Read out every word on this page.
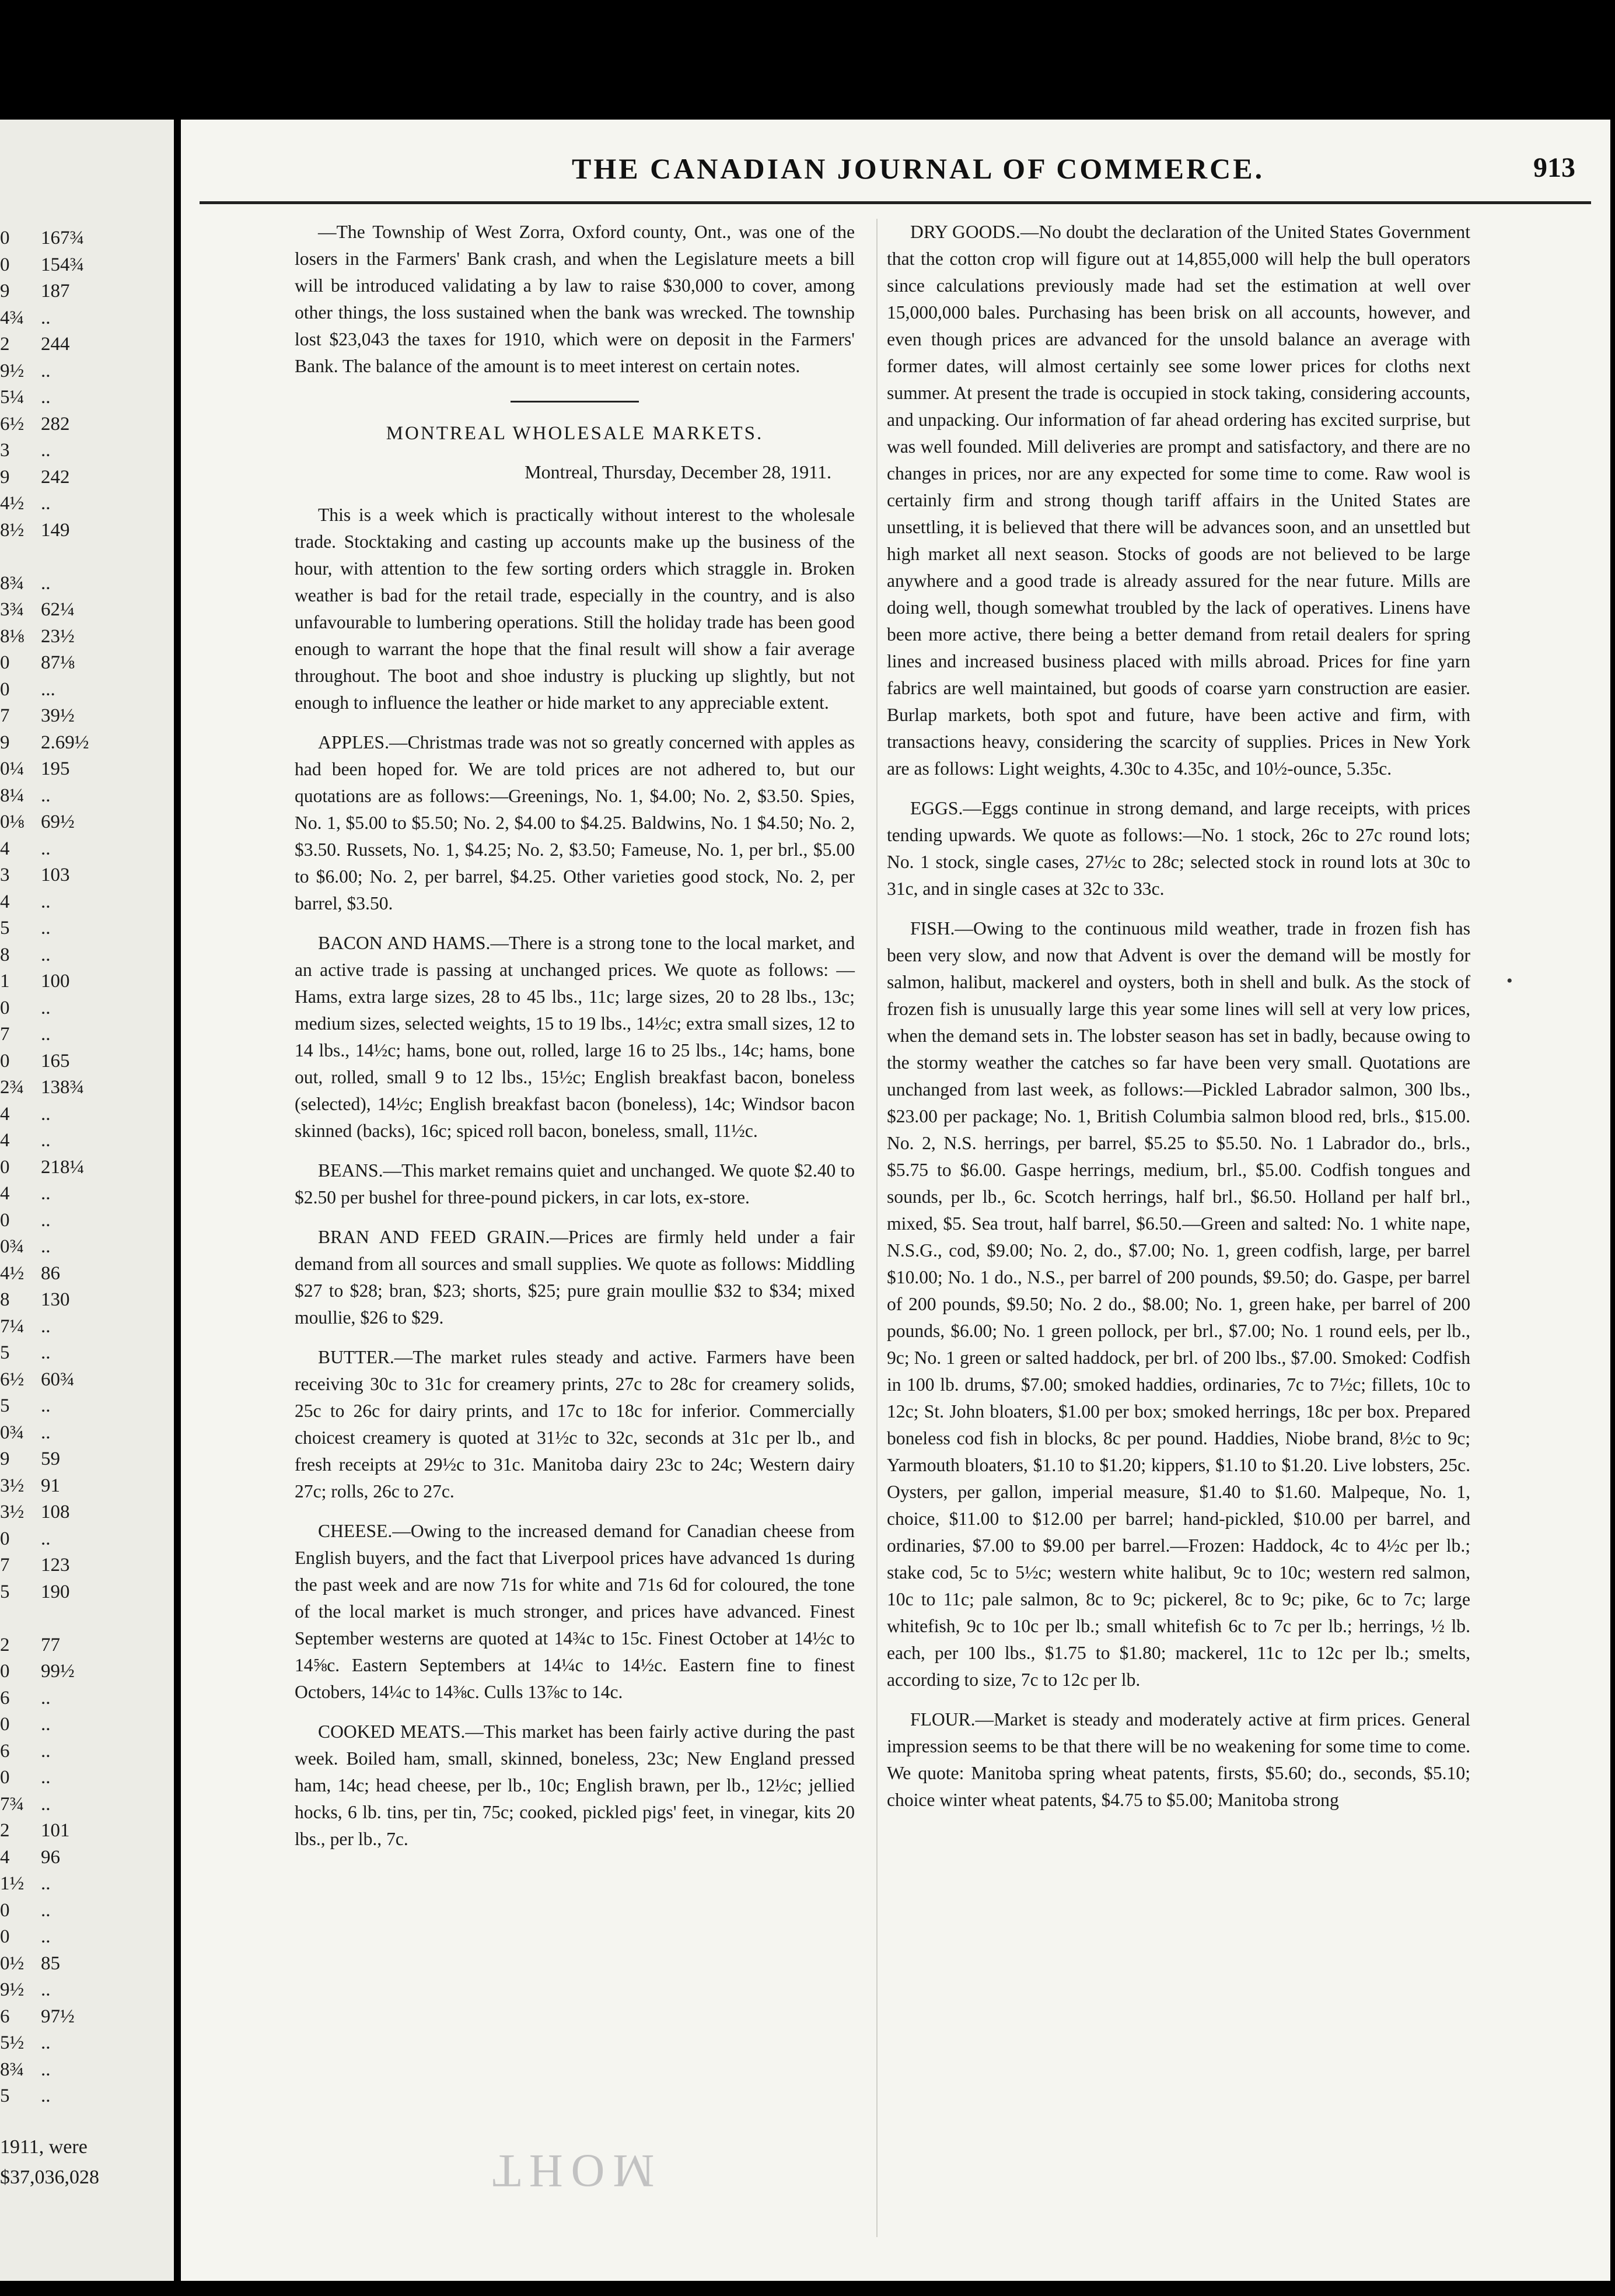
0	167¾
0	154¾
9	187
4¾ ..
2	244
9½ ..
5¼ ..
6½ 282
3	..
9	242
4½ ..
8½ 149
8¾ ..
3¾ 62¼
8⅛ 23½
0	87⅛
0	...
7	39½
9	2.69½
0¼ 195
8¼ ..
0⅛ 69½
4	..
3	103
4	..
5	..
8	..
1	100
0	..
7	..
0	165
2¾ 138¾
4	..
4	..
0	218¼
4	..
0	..
0¾ ..
4½ 86
8	130
7¼ ..
5	..
6½ 60¾
5	..
0¾ ..
9	59
3½ 91
3½ 108
0	..
7	123
5	190
2	77
0	99½
6	..
0	..
6	..
0	..
7¾ ..
2	101
4	96
1½ ..
0	..
0	..
0½ 85
9½ ..
6	97½
5½ ..
8¾ ..
5	..
1911, were
$37,036,028
THE CANADIAN JOURNAL OF COMMERCE.	913

—The Township of West Zorra, Oxford county, Ont., was one of the losers in the Farmers' Bank crash, and when the Legislature meets a bill will be introduced validating a by law to raise $30,000 to cover, among other things, the loss sustained when the bank was wrecked. The township lost $23,043 the taxes for 1910, which were on deposit in the Farmers' Bank. The balance of the amount is to meet interest on certain notes.

MONTREAL WHOLESALE MARKETS.
Montreal, Thursday, December 28, 1911.

This is a week which is practically without interest to the wholesale trade. Stocktaking and casting up accounts make up the business of the hour, with attention to the few sorting orders which straggle in. Broken weather is bad for the retail trade, especially in the country, and is also unfavourable to lumbering operations. Still the holiday trade has been good enough to warrant the hope that the final result will show a fair average throughout. The boot and shoe industry is plucking up slightly, but not enough to influence the leather or hide market to any appreciable extent.

APPLES.—Christmas trade was not so greatly concerned with apples as had been hoped for. We are told prices are not adhered to, but our quotations are as follows:—Greenings, No. 1, $4.00; No. 2, $3.50. Spies, No. 1, $5.00 to $5.50; No. 2, $4.00 to $4.25. Baldwins, No. 1 $4.50; No. 2, $3.50. Russets, No. 1, $4.25; No. 2, $3.50; Fameuse, No. 1, per brl., $5.00 to $6.00; No. 2, per barrel, $4.25. Other varieties good stock, No. 2, per barrel, $3.50.

BACON AND HAMS.—There is a strong tone to the local market, and an active trade is passing at unchanged prices. We quote as follows: — Hams, extra large sizes, 28 to 45 lbs., 11c; large sizes, 20 to 28 lbs., 13c; medium sizes, selected weights, 15 to 19 lbs., 14½c; extra small sizes, 12 to 14 lbs., 14½c; hams, bone out, rolled, large 16 to 25 lbs., 14c; hams, bone out, rolled, small 9 to 12 lbs., 15½c; English breakfast bacon, boneless (selected), 14½c; English breakfast bacon (boneless), 14c; Windsor bacon skinned (backs), 16c; spiced roll bacon, boneless, small, 11½c.

BEANS.—This market remains quiet and unchanged. We quote $2.40 to $2.50 per bushel for three-pound pickers, in car lots, ex-store.

BRAN AND FEED GRAIN.—Prices are firmly held under a fair demand from all sources and small supplies. We quote as follows: Middling $27 to $28; bran, $23; shorts, $25; pure grain moullie $32 to $34; mixed moullie, $26 to $29.

BUTTER.—The market rules steady and active. Farmers have been receiving 30c to 31c for creamery prints, 27c to 28c for creamery solids, 25c to 26c for dairy prints, and 17c to 18c for inferior. Commercially choicest creamery is quoted at 31½c to 32c, seconds at 31c per lb., and fresh receipts at 29½c to 31c. Manitoba dairy 23c to 24c; Western dairy 27c; rolls, 26c to 27c.

CHEESE.—Owing to the increased demand for Canadian cheese from English buyers, and the fact that Liverpool prices have advanced 1s during the past week and are now 71s for white and 71s 6d for coloured, the tone of the local market is much stronger, and prices have advanced. Finest September westerns are quoted at 14¾c to 15c. Finest October at 14½c to 14⅝c. Eastern Septembers at 14¼c to 14½c. Eastern fine to finest Octobers, 14¼c to 14⅜c. Culls 13⅞c to 14c.

COOKED MEATS.—This market has been fairly active during the past week. Boiled ham, small, skinned, boneless, 23c; New England pressed ham, 14c; head cheese, per lb., 10c; English brawn, per lb., 12½c; jellied hocks, 6 lb. tins, per tin, 75c; cooked, pickled pigs' feet, in vinegar, kits 20 lbs., per lb., 7c.

DRY GOODS.—No doubt the declaration of the United States Government that the cotton crop will figure out at 14,855,000 will help the bull operators since calculations previously made had set the estimation at well over 15,000,000 bales. Purchasing has been brisk on all accounts, however, and even though prices are advanced for the unsold balance an average with former dates, will almost certainly see some lower prices for cloths next summer. At present the trade is occupied in stock taking, considering accounts, and unpacking. Our information of far ahead ordering has excited surprise, but was well founded. Mill deliveries are prompt and satisfactory, and there are no changes in prices, nor are any expected for some time to come. Raw wool is certainly firm and strong though tariff affairs in the United States are unsettling, it is believed that there will be advances soon, and an unsettled but high market all next season. Stocks of goods are not believed to be large anywhere and a good trade is already assured for the near future. Mills are doing well, though somewhat troubled by the lack of operatives. Linens have been more active, there being a better demand from retail dealers for spring lines and increased business placed with mills abroad. Prices for fine yarn fabrics are well maintained, but goods of coarse yarn construction are easier. Burlap markets, both spot and future, have been active and firm, with transactions heavy, considering the scarcity of supplies. Prices in New York are as follows: Light weights, 4.30c to 4.35c, and 10½-ounce, 5.35c.

EGGS.—Eggs continue in strong demand, and large receipts, with prices tending upwards. We quote as follows:—No. 1 stock, 26c to 27c round lots; No. 1 stock, single cases, 27½c to 28c; selected stock in round lots at 30c to 31c, and in single cases at 32c to 33c.

FISH.—Owing to the continuous mild weather, trade in frozen fish has been very slow, and now that Advent is over the demand will be mostly for salmon, halibut, mackerel and oysters, both in shell and bulk. As the stock of frozen fish is unusually large this year some lines will sell at very low prices, when the demand sets in. The lobster season has set in badly, because owing to the stormy weather the catches so far have been very small. Quotations are unchanged from last week, as follows:—Pickled Labrador salmon, 300 lbs., $23.00 per package; No. 1, British Columbia salmon blood red, brls., $15.00. No. 2, N.S. herrings, per barrel, $5.25 to $5.50. No. 1 Labrador do., brls., $5.75 to $6.00. Gaspe herrings, medium, brl., $5.00. Codfish tongues and sounds, per lb., 6c. Scotch herrings, half brl., $6.50. Holland per half brl., mixed, $5. Sea trout, half barrel, $6.50.—Green and salted: No. 1 white nape, N.S.G., cod, $9.00; No. 2, do., $7.00; No. 1, green codfish, large, per barrel $10.00; No. 1 do., N.S., per barrel of 200 pounds, $9.50; do. Gaspe, per barrel of 200 pounds, $9.50; No. 2 do., $8.00; No. 1, green hake, per barrel of 200 pounds, $6.00; No. 1 green pollock, per brl., $7.00; No. 1 round eels, per lb., 9c; No. 1 green or salted haddock, per brl. of 200 lbs., $7.00. Smoked: Codfish in 100 lb. drums, $7.00; smoked haddies, ordinaries, 7c to 7½c; fillets, 10c to 12c; St. John bloaters, $1.00 per box; smoked herrings, 18c per box. Prepared boneless cod fish in blocks, 8c per pound. Haddies, Niobe brand, 8½c to 9c; Yarmouth bloaters, $1.10 to $1.20; kippers, $1.10 to $1.20. Live lobsters, 25c. Oysters, per gallon, imperial measure, $1.40 to $1.60. Malpeque, No. 1, choice, $11.00 to $12.00 per barrel; hand-pickled, $10.00 per barrel, and ordinaries, $7.00 to $9.00 per barrel.—Frozen: Haddock, 4c to 4½c per lb.; stake cod, 5c to 5½c; western white halibut, 9c to 10c; western red salmon, 10c to 11c; pale salmon, 8c to 9c; pickerel, 8c to 9c; pike, 6c to 7c; large whitefish, 9c to 10c per lb.; small whitefish 6c to 7c per lb.; herrings, ½ lb. each, per 100 lbs., $1.75 to $1.80; mackerel, 11c to 12c per lb.; smelts, according to size, 7c to 12c per lb.

FLOUR.—Market is steady and moderately active at firm prices. General impression seems to be that there will be no weakening for some time to come. We quote: Manitoba spring wheat patents, firsts, $5.60; do., seconds, $5.10; choice winter wheat patents, $4.75 to $5.00; Manitoba strong

•
MOHT
